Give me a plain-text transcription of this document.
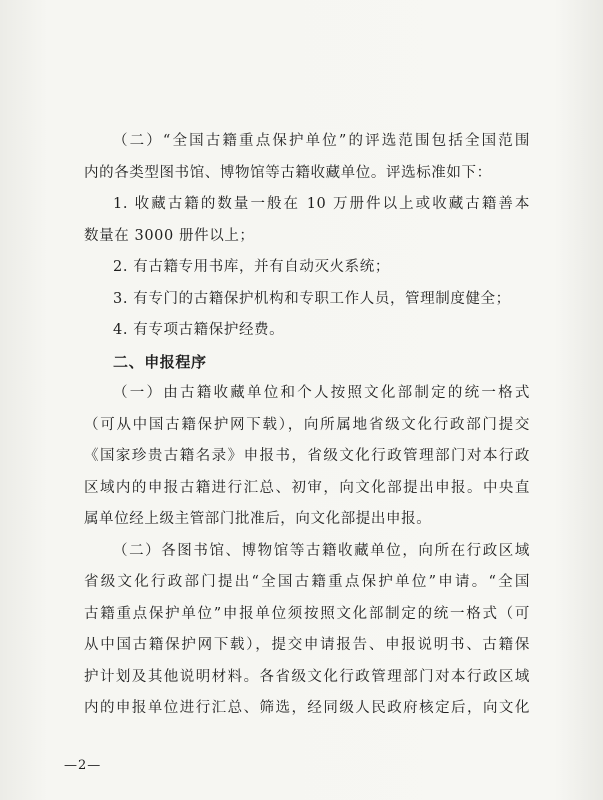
（二）“全国古籍重点保护单位”的评选范围包括全国范围
内的各类型图书馆、博物馆等古籍收藏单位。评选标准如下：
1. 收藏古籍的数量一般在 10 万册件以上或收藏古籍善本
数量在 3000 册件以上；
2. 有古籍专用书库，并有自动灭火系统；
3. 有专门的古籍保护机构和专职工作人员，管理制度健全；
4. 有专项古籍保护经费。
二、申报程序
（一）由古籍收藏单位和个人按照文化部制定的统一格式
（可从中国古籍保护网下载），向所属地省级文化行政部门提交
《国家珍贵古籍名录》申报书，省级文化行政管理部门对本行政
区域内的申报古籍进行汇总、初审，向文化部提出申报。中央直
属单位经上级主管部门批准后，向文化部提出申报。
（二）各图书馆、博物馆等古籍收藏单位，向所在行政区域
省级文化行政部门提出“全国古籍重点保护单位”申请。“全国
古籍重点保护单位”申报单位须按照文化部制定的统一格式（可
从中国古籍保护网下载），提交申请报告、申报说明书、古籍保
护计划及其他说明材料。各省级文化行政管理部门对本行政区域
内的申报单位进行汇总、筛选，经同级人民政府核定后，向文化
—2—
